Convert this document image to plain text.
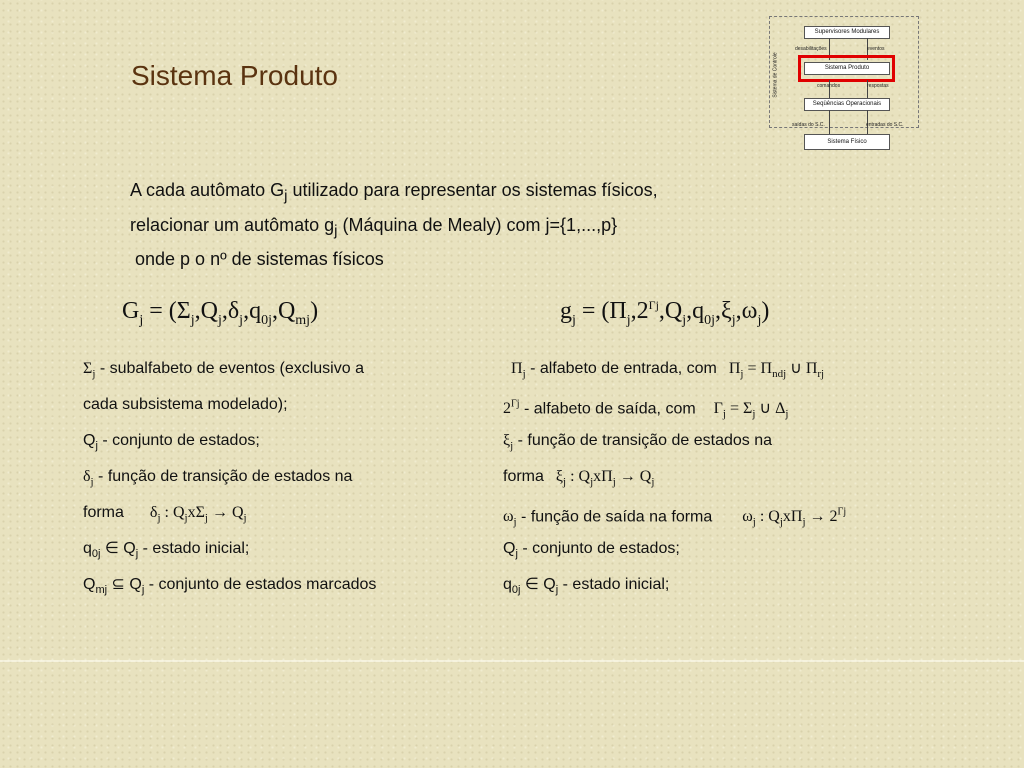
Sistema Produto	Sistema de Controle
Supervisores Modulares
desabilitações	eventos
Sistema Produto
comandos	respostas
Seqüências Operacionais
saídas do S.C.	entradas do S.C.
Sistema Físico
A cada autômato $G_j$ utilizado para representar os sistemas físicos,
relacionar um autômato $g_j$ (Máquina de Mealy) com j={1,...,p}
onde p o nº de sistemas físicos
$G_j = (\Sigma_j,Q_j,\delta_j,q_{0j},Q_{mj})$	$g_j = (\Pi_j,2^{\Gamma j},Q_j,q_{0j},\xi_j,\omega_j)$
$\Sigma_j$ - subalfabeto de eventos (exclusivo a
cada subsistema modelado);
$Q_j$ - conjunto de estados;
$\delta_j$ - função de transição de estados na
forma $\delta_j$ : $Q_jx\Sigma_j \to Q_j$
$q_{0j}$ ∈ $Q_j$ - estado inicial;
$Q_{mj}$ ⊆ $Q_j$ - conjunto de estados marcados
$\Pi_j$ - alfabeto de entrada, com $\Pi_j = \Pi_{ndj}$ ∪ $\Pi_{rj}$
$2^{\Gamma j}$ - alfabeto de saída, com $\Gamma_j = \Sigma_j$ ∪ $\Delta_j$
$\xi_j$ - função de transição de estados na
forma $\xi_j$ : $Q_jx\Pi_j \to Q_j$
$\omega_j$ - função de saída na forma $\omega_j$ : $Q_jx\Pi_j \to 2^{\Gamma j}$
$Q_j$ - conjunto de estados;
$q_{0j}$ ∈ $Q_j$ - estado inicial;
